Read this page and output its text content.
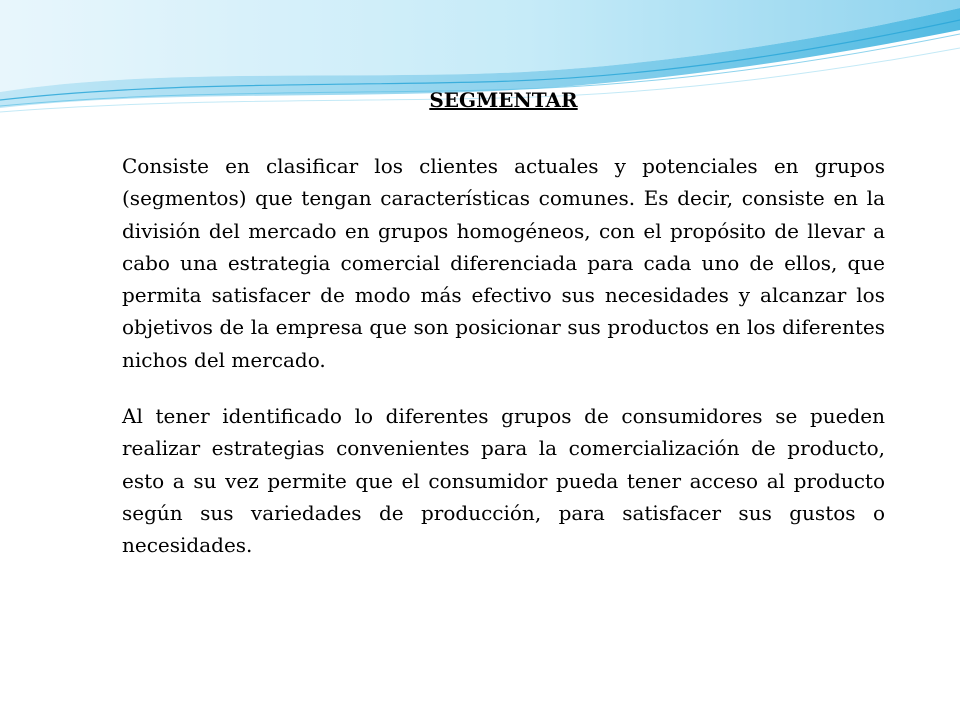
SEGMENTAR

Consiste en clasificar los clientes actuales y potenciales en grupos (segmentos) que tengan características comunes. Es decir, consiste en la división del mercado en grupos homogéneos, con el propósito de llevar a cabo una estrategia comercial diferenciada para cada uno de ellos, que permita satisfacer de modo más efectivo sus necesidades y alcanzar los objetivos de la empresa que son posicionar sus productos en los diferentes nichos del mercado.

Al tener identificado lo diferentes grupos de consumidores se pueden realizar estrategias convenientes para la comercialización de producto, esto a su vez permite que el consumidor pueda tener acceso al producto según sus variedades de producción, para satisfacer sus gustos o necesidades.
